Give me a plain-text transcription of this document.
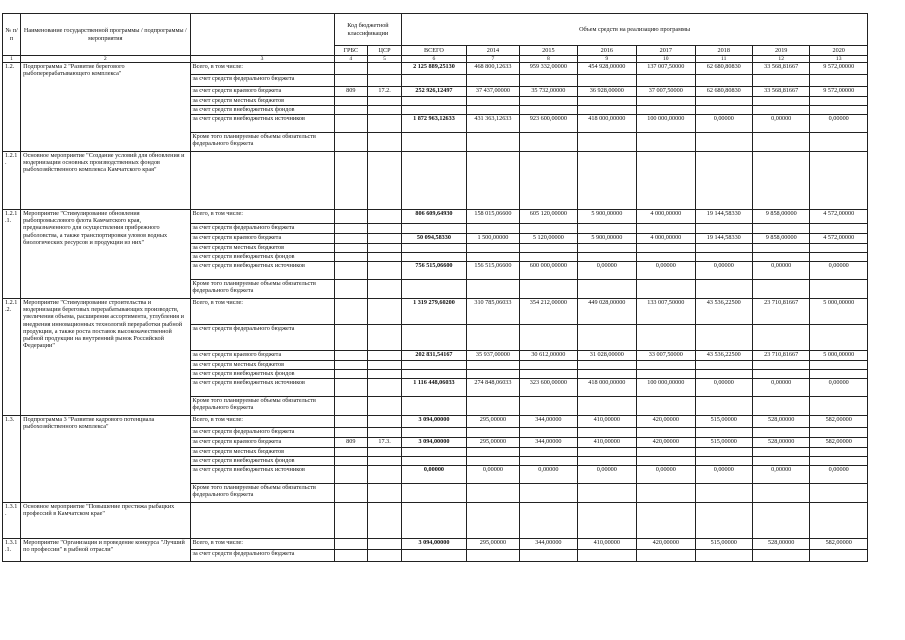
№ п/п	Наименование государственной программы / подпрограммы / мероприятия		Код бюджетной классификации		Объем средств на реализацию программы							
			ГРБС	ЦСР	ВСЕГО	2014	2015	2016	2017	2018	2019	2020
1	2	3	4	5	6	7	8	9	10	11	12	13
1.2.	Подпрограмма 2 "Развитие берегового рыбоперерабатывающего комплекса"	Всего, в том числе:			2 125 889,25130	468 800,12633	959 332,00000	454 928,00000	137 007,50000	62 680,80830	33 568,81667	9 572,00000
		за счет средств федерального бюджета										
		за счет средств краевого бюджета	809	17.2.	252 926,12497	37 437,00000	35 732,00000	36 928,00000	37 007,50000	62 680,80830	33 568,81667	9 572,00000
		за счет средств местных бюджетов										
		за счет средств внебюджетных фондов										
		за счет средств внебюджетных источников			1 872 963,12633	431 363,12633	923 600,00000	418 000,00000	100 000,00000	0,00000	0,00000	0,00000
		Кроме того планируемые объемы обязательств федерального бюджета										
1.2.1.	Основное мероприятие "Создание условий для обновления и модернизации основных производственных фондов рыбохозяйственного комплекса Камчатского края"											
1.2.1.1.	Мероприятие "Стимулирование обновления рыбопромыслового флота Камчатского края, предназначенного для осуществления прибрежного рыболовства, а также транспортировки уловов водных биологических ресурсов и продукции из них"	Всего, в том числе:			806 609,64930	158 015,06600	605 120,00000	5 900,00000	4 000,00000	19 144,58330	9 858,00000	4 572,00000
		за счет средств федерального бюджета										
		за счет средств краевого бюджета			50 094,58330	1 500,00000	5 120,00000	5 900,00000	4 000,00000	19 144,58330	9 858,00000	4 572,00000
		за счет средств местных бюджетов										
		за счет средств внебюджетных фондов										
		за счет средств внебюджетных источников			756 515,06600	156 515,06600	600 000,00000	0,00000	0,00000	0,00000	0,00000	0,00000
		Кроме того планируемые объемы обязательств федерального бюджета										
1.2.1.2.	Мероприятие "Стимулирование строительства и модернизации береговых перерабатывающих производств, увеличения объема, расширения ассортимента, углубления и внедрения инновационных технологий переработки рыбной продукции, а также роста поставок высококачественной рыбной продукции на внутренний рынок Российской Федерации"	Всего, в том числе:			1 319 279,60200	310 785,06033	354 212,00000	449 028,00000	133 007,50000	43 536,22500	23 710,81667	5 000,00000
		за счет средств федерального бюджета										
		за счет средств краевого бюджета			202 831,54167	35 937,00000	30 612,00000	31 028,00000	33 007,50000	43 536,22500	23 710,81667	5 000,00000
		за счет средств местных бюджетов										
		за счет средств внебюджетных фондов										
		за счет средств внебюджетных источников			1 116 448,06033	274 848,06033	323 600,00000	418 000,00000	100 000,00000	0,00000	0,00000	0,00000
		Кроме того планируемые объемы обязательств федерального бюджета										
1.3.	Подпрограмма 3 "Развитие кадрового потенциала рыбохозяйственного комплекса"	Всего, в том числе:			3 094,00000	295,00000	344,00000	410,00000	420,00000	515,00000	528,00000	582,00000
		за счет средств федерального бюджета										
		за счет средств краевого бюджета	809	17.3.	3 094,00000	295,00000	344,00000	410,00000	420,00000	515,00000	528,00000	582,00000
		за счет средств местных бюджетов										
		за счет средств внебюджетных фондов										
		за счет средств внебюджетных источников			0,00000	0,00000	0,00000	0,00000	0,00000	0,00000	0,00000	0,00000
		Кроме того планируемые объемы обязательств федерального бюджета										
1.3.1.	Основное мероприятие "Повышение престижа рыбацких профессий в Камчатском крае"											
1.3.1.1.	Мероприятие "Организация и проведение конкурса "Лучший по профессии" в рыбной отрасли"	Всего, в том числе:			3 094,00000	295,00000	344,00000	410,00000	420,00000	515,00000	528,00000	582,00000
		за счет средств федерального бюджета										
